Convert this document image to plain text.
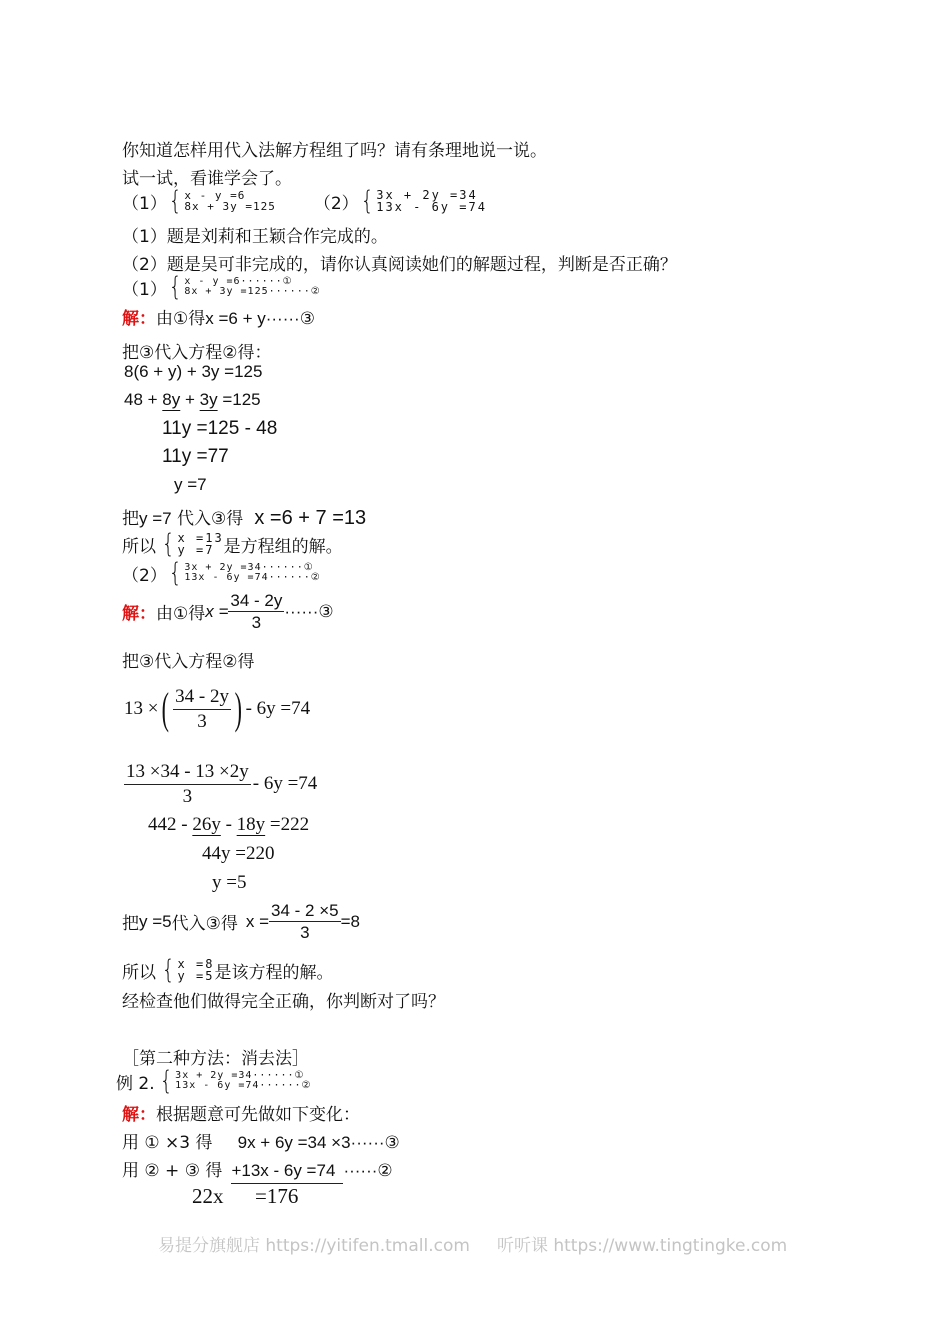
你知道怎样用代入法解方程组了吗？请有条理地说一说。
试一试，看谁学会了。
（1） { x - y =6
8x + 3y =125 （2） { 3x + 2y =34
13x - 6y =74
（1）题是刘莉和王颖合作完成的。
（2）题是吴可非完成的，请你认真阅读她们的解题过程，判断是否正确？
（1） { x - y =6······①
8x + 3y =125······②
解：由①得x =6 + y······③
把③代入方程②得：
8(6 + y) + 3y =125
48 + 8y + 3y =125
11y =125 - 48
11y =77
y =7
把y =7 代入③得 x =6 + 7 =13
所以 { x =13
y =7 是方程组的解。
（2） { 3x + 2y =34······①
13x - 6y =74······②
解： 由①得 $x = \frac{34 - 2y}{3}$ ······③
把③代入方程②得
13 × ( $\frac{34 - 2y}{3}$ ) - 6y =74
$\frac{13 \times 34 - 13 \times 2y}{3} - 6y =74$
442 - 26y - 18y =222
44y =220
y =5
把 y =5 代入③得 $x = \frac{34 - 2 \times 5}{3} =8$
所以 { x =8
y =5 是该方程的解。
经检查他们做得完全正确，你判断对了吗？
［第二种方法：消去法］
例 2. { 3x + 2y =34······①
13x - 6y =74······②
解：根据题意可先做如下变化：
用 ① ×3 得 9x + 6y =34 ×3······③
用 ② + ③ 得 +13x - 6y =74 ······②
22x      =176
易提分旗舰店 https://yitifen.tmall.com     听听课 https://www.tingtingke.com
